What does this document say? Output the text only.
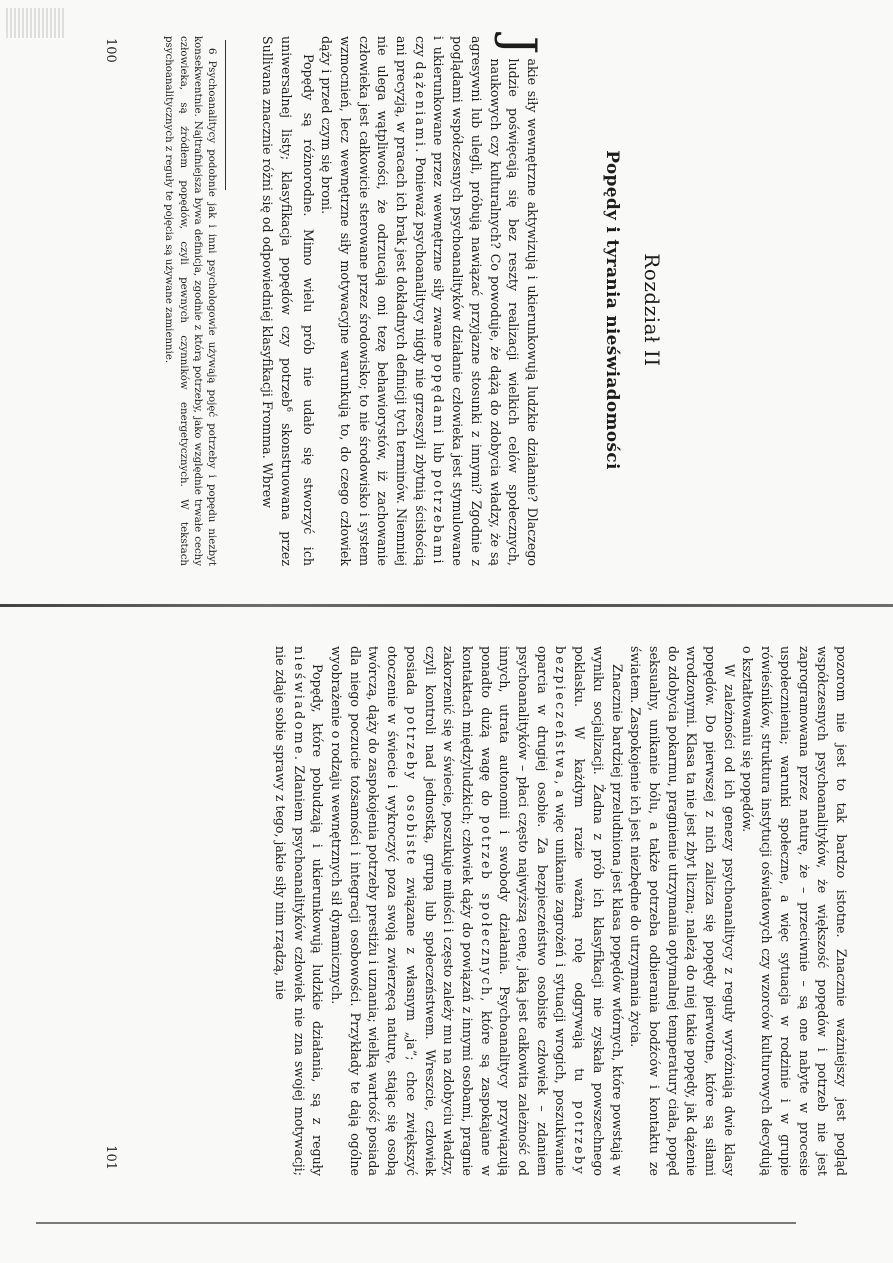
Rozdział II
Popędy i tyrania nieświadomości

J
akie siły wewnętrzne aktywizują i ukierunkowują ludzkie działanie? Dlaczego ludzie poświęcają się bez reszty realizacji wielkich celów społecznych, naukowych czy kulturalnych? Co powoduje, że dążą do zdobycia władzy, że są agresywni lub ulegli, próbują nawiązać przyjazne stosunki z innymi? Zgodnie z poglądami współczesnych psychoanalityków działanie człowieka jest stymulowane i ukierunkowane przez wewnętrzne siły zwane popędami lub potrzebami czy dążeniami. Ponieważ psychoanalitycy nigdy nie grzeszyli zbytnią ścisłością ani precyzją, w pracach ich brak jest dokładnych definicji tych terminów. Niemniej nie ulega wątpliwości, że odrzucają oni tezę behawiorystów, iż zachowanie człowieka jest całkowicie sterowane przez środowisko; to nie środowisko i system wzmocnień, lecz wewnętrzne siły motywacyjne warunkują to, do czego człowiek dąży i przed czym się broni.

Popędy są różnorodne. Mimo wielu prób nie udało się stworzyć ich uniwersalnej listy; klasyfikacja popędów czy potrzeb$^6$ skonstruowana przez Sullivana znacznie różni się od odpowiedniej klasyfikacji Fromma. Wbrew

6 Psychoanalitycy podobnie jak i inni psychologowie używają pojęć potrzeby i popędu niezbyt konsekwentnie. Najtrafniejsza bywa definicja, zgodnie z którą potrzeby, jako względnie trwałe cechy człowieka, są źródłem popędów, czyli pewnych czynników energetycznych. W tekstach psychoanalitycznych z reguły te pojęcia są używane zamiennie.
100

pozorom nie jest to tak bardzo istotne. Znacznie ważniejszy jest pogląd współczesnych psychoanalityków, że większość popędów i potrzeb nie jest zaprogramowana przez naturę, że – przeciwnie – są one nabyte w procesie uspołecznienia; warunki społeczne, a więc sytuacja w rodzinie i w grupie rówieśników, struktura instytucji oświatowych czy wzorców kulturowych decydują o kształtowaniu się popędów.

W zależności od ich genezy psychoanalitycy z reguły wyróżniają dwie klasy popędów. Do pierwszej z nich zalicza się popędy pierwotne, które są siłami wrodzonymi. Klasa ta nie jest zbyt liczna; należą do niej takie popędy, jak dążenie do zdobycia pokarmu, pragnienie utrzymania optymalnej temperatury ciała, popęd seksualny, unikanie bólu, a także potrzeba odbierania bodźców i kontaktu ze światem. Zaspokojenie ich jest niezbędne do utrzymania życia.

Znacznie bardziej przeludniona jest klasa popędów wtórnych, które powstają w wyniku socjalizacji. Żadna z prób ich klasyfikacji nie zyskała powszechnego poklasku. W każdym razie ważną rolę odgrywają tu potrzeby bezpieczeństwa, a więc unikanie zagrożeń i sytuacji wrogich, poszukiwanie oparcia w drugiej osobie. Za bezpieczeństwo osobiste człowiek – zdaniem psychoanalityków – płaci często najwyższą cenę, jaką jest całkowita zależność od innych, utrata autonomii i swobody działania. Psychoanalitycy przywiązują ponadto dużą wagę do potrzeb społecznych, które są zaspokajane w kontaktach międzyludzkich; człowiek dąży do powiązań z innymi osobami, pragnie zakorzenić się w świecie, poszukuje miłości i często zależy mu na zdobyciu władzy, czyli kontroli nad jednostką, grupą lub społeczeństwem. Wreszcie, człowiek posiada potrzeby osobiste związane z własnym „ja”; chce zwiększyć otoczenie w świecie i wykroczyć poza swoją zwierzęcą naturę, stając się osobą twórczą, dąży do zaspokojenia potrzeby prestiżu i uznania; wielką wartość posiada dla niego poczucie tożsamości i integracji osobowości. Przykłady te dają ogólne wyobrażenie o rodzaju wewnętrznych sił dynamicznych.

Popędy, które pobudzają i ukierunkowują ludzkie działania, są z reguły nieświadome. Zdaniem psychoanalityków człowiek nie zna swojej motywacji; nie zdaje sobie sprawy z tego, jakie siły nim rządzą, nie

101
